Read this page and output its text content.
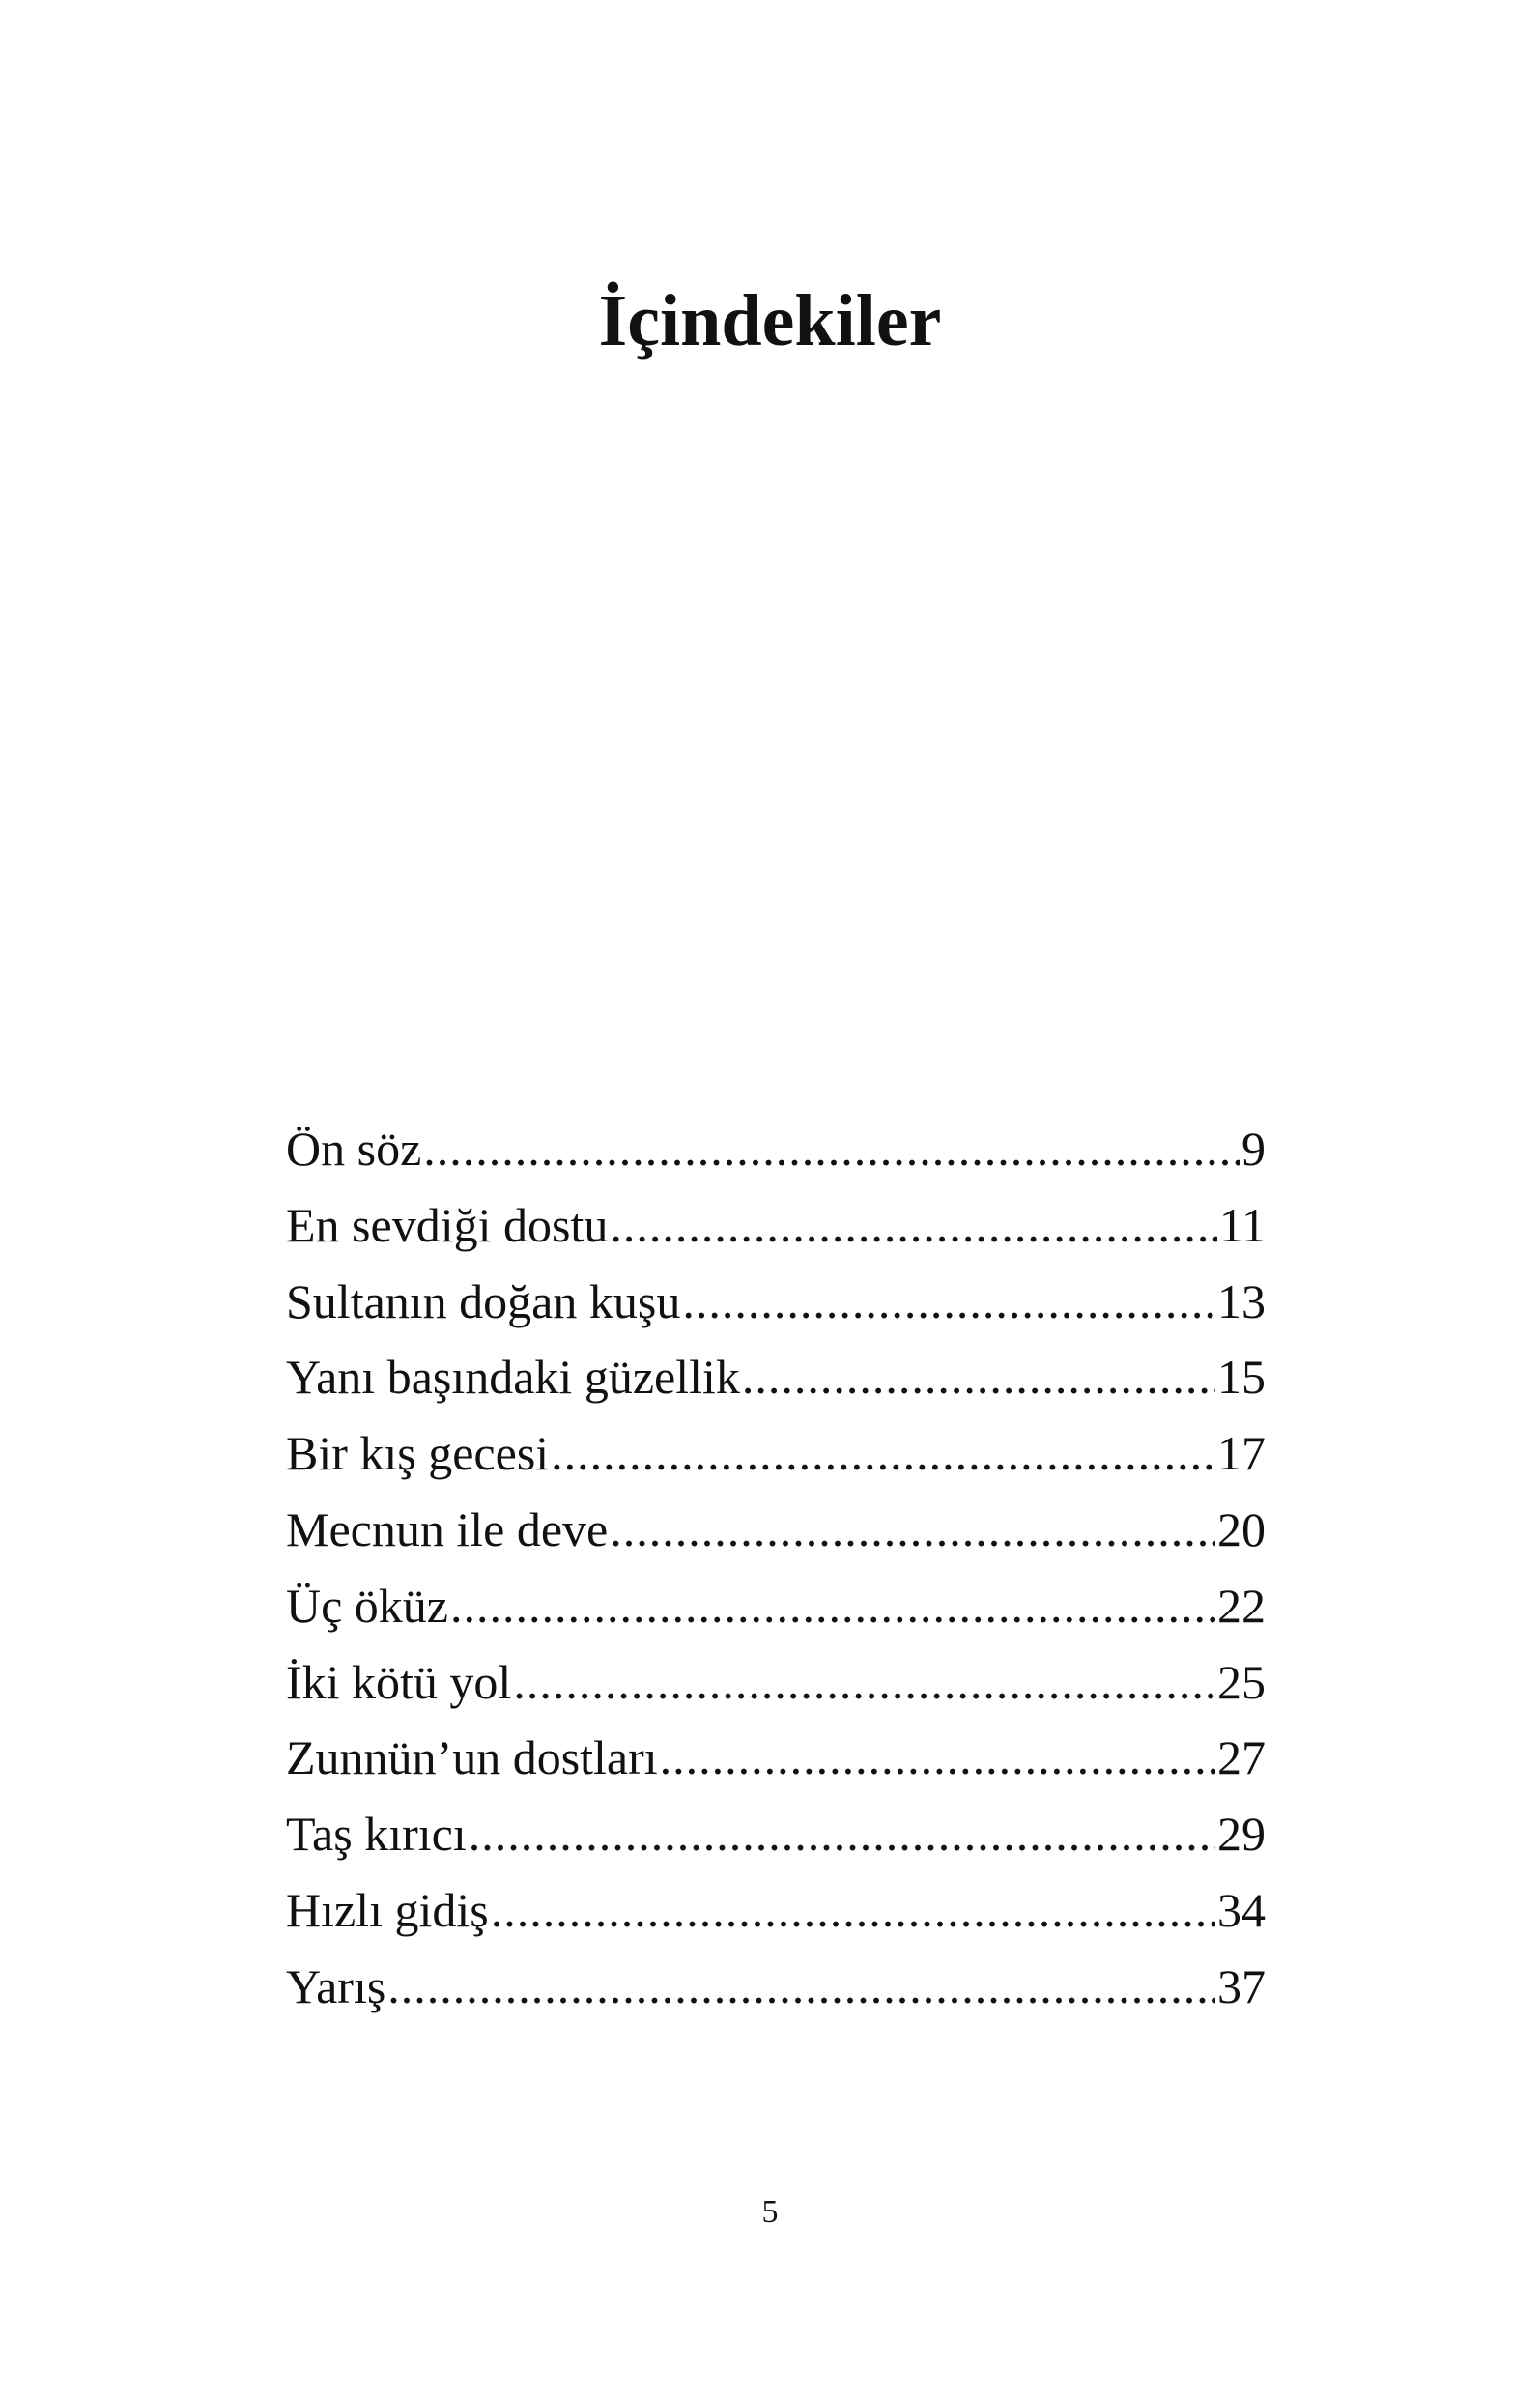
İçindekiler
Ön söz .....	9
En sevdiği dostu .....	11
Sultanın doğan kuşu .....	13
Yanı başındaki güzellik .....	15
Bir kış gecesi .....	17
Mecnun ile deve .....	20
Üç öküz .....	22
İki kötü yol .....	25
Zunnün’un dostları .....	27
Taş kırıcı .....	29
Hızlı gidiş .....	34
Yarış .....	37
5
